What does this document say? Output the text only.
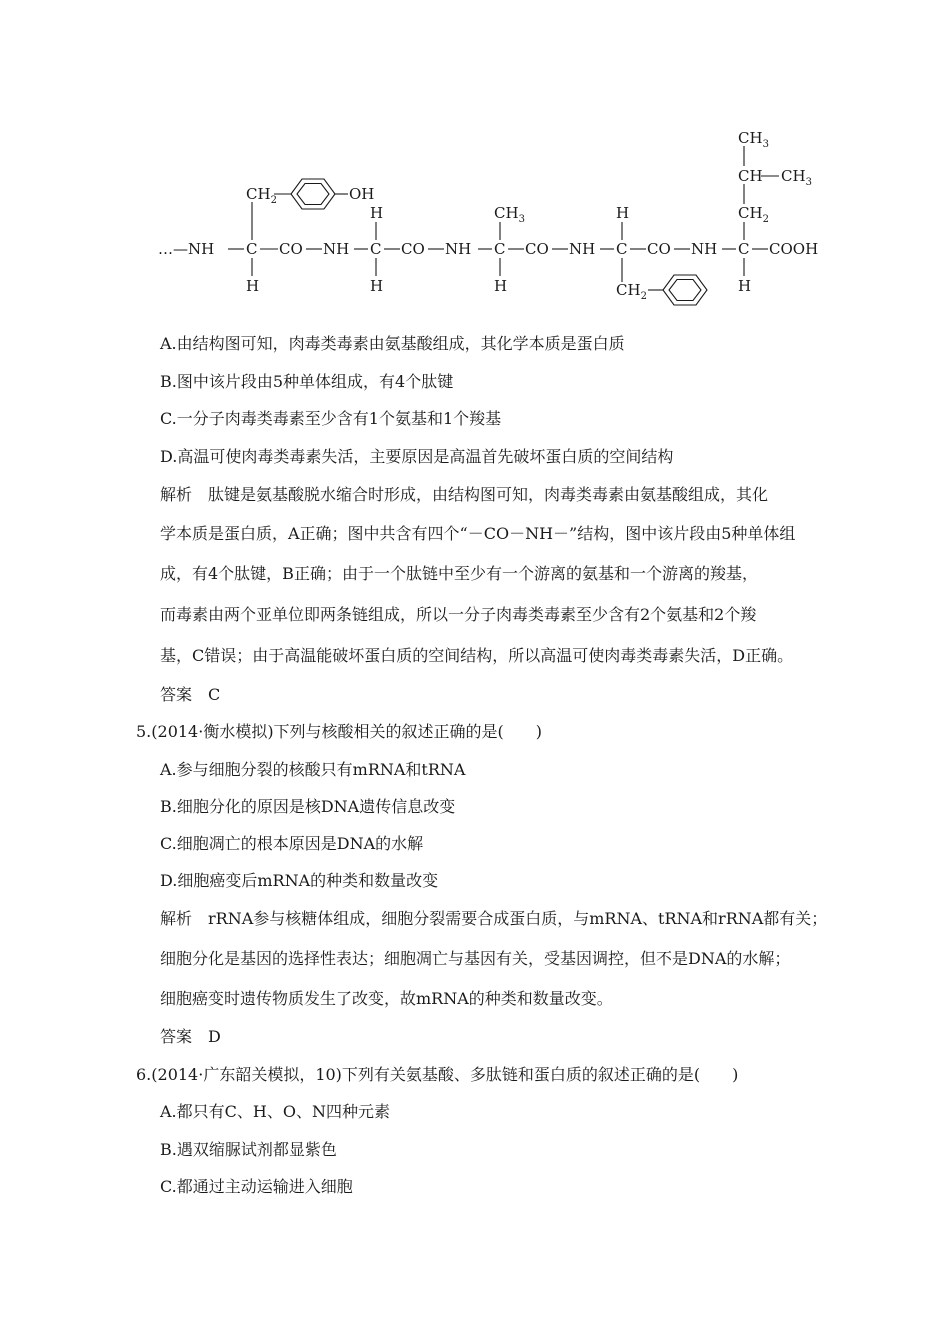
…—NH C CO NH C CO NH C CO NH C CO NH C COOH
$CH_2$	OH
H
H
H
$CH_3$
H
H
$CH_2$
$CH_2$
CH $CH_3$
$CH_3$
H
A.由结构图可知，肉毒类毒素由氨基酸组成，其化学本质是蛋白质
B.图中该片段由5种单体组成，有4个肽键
C.一分子肉毒类毒素至少含有1个氨基和1个羧基
D.高温可使肉毒类毒素失活，主要原因是高温首先破坏蛋白质的空间结构
解析　肽键是氨基酸脱水缩合时形成，由结构图可知，肉毒类毒素由氨基酸组成，其化
学本质是蛋白质，A正确；图中共含有四个“－CO－NH－”结构，图中该片段由5种单体组
成，有4个肽键，B正确；由于一个肽链中至少有一个游离的氨基和一个游离的羧基，
而毒素由两个亚单位即两条链组成，所以一分子肉毒类毒素至少含有2个氨基和2个羧
基，C错误；由于高温能破坏蛋白质的空间结构，所以高温可使肉毒类毒素失活，D正确。
答案　C
5.(2014·衡水模拟)下列与核酸相关的叙述正确的是(　　)
A.参与细胞分裂的核酸只有mRNA和tRNA
B.细胞分化的原因是核DNA遗传信息改变
C.细胞凋亡的根本原因是DNA的水解
D.细胞癌变后mRNA的种类和数量改变
解析　rRNA参与核糖体组成，细胞分裂需要合成蛋白质，与mRNA、tRNA和rRNA都有关；
细胞分化是基因的选择性表达；细胞凋亡与基因有关，受基因调控，但不是DNA的水解；
细胞癌变时遗传物质发生了改变，故mRNA的种类和数量改变。
答案　D
6.(2014·广东韶关模拟，10)下列有关氨基酸、多肽链和蛋白质的叙述正确的是(　　)
A.都只有C、H、O、N四种元素
B.遇双缩脲试剂都显紫色
C.都通过主动运输进入细胞
